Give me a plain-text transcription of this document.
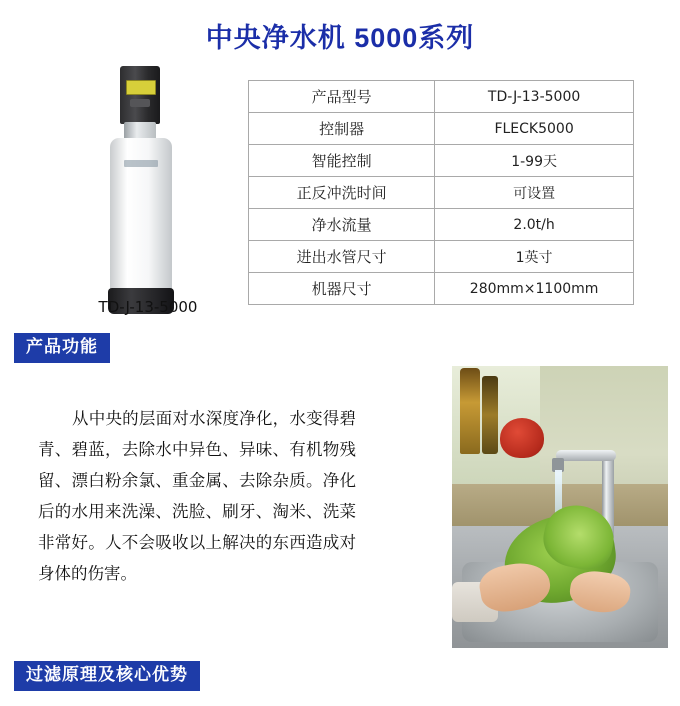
中央净水机 5000系列
TD-J-13-5000
产品型号	TD-J-13-5000
控制器	FLECK5000
智能控制	1-99天
正反冲洗时间	可设置
净水流量	2.0t/h
进出水管尺寸	1英寸
机器尺寸	280mm×1100mm
产品功能
从中央的层面对水深度净化，水变得碧青、碧蓝，去除水中异色、异味、有机物残留、漂白粉余氯、重金属、去除杂质。净化后的水用来洗澡、洗脸、刷牙、淘米、洗菜非常好。人不会吸收以上解决的东西造成对身体的伤害。
过滤原理及核心优势
